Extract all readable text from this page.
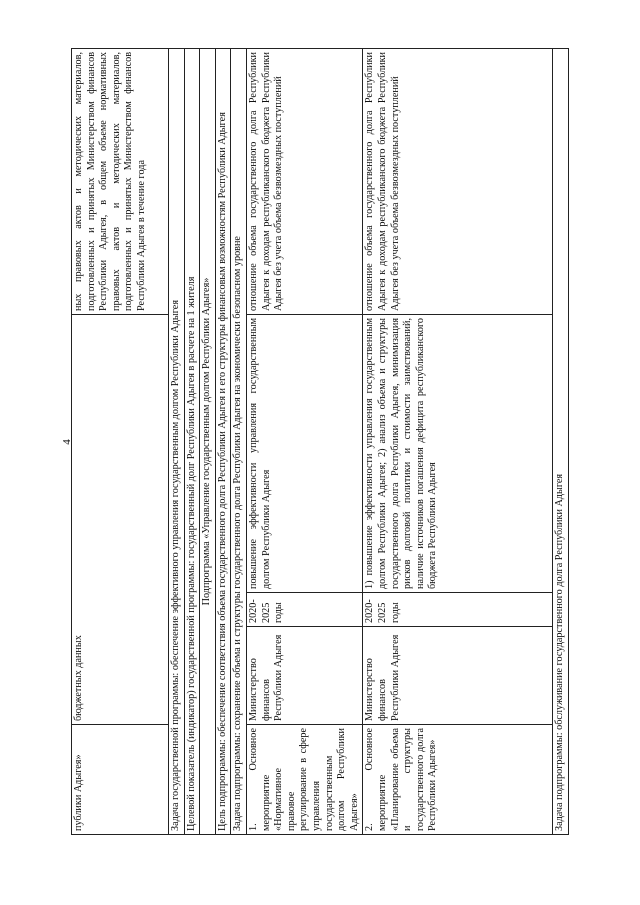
4
публики Адыгея»	бюджетных данных			ных правовых актов и методических материалов, подготовленных и принятых Министерством финансов Республики Адыгея, в общем объеме нормативных правовых актов и методических материалов, подготовленных и принятых Министерством финансов Республики Адыгея в течение года
Задача государственной программы: обеспечение эффективного управления государственным долгом Республики Адыгея				
Целевой показатель (индикатор) государственной программы: государственный долг Республики Адыгея в расчете на 1 жителя				
Подпрограмма «Управление государственным долгом Республики Адыгея»				
Цель подпрограммы: обеспечение соответствия объема государственного долга Республики Адыгея и его структуры финансовым возможностям Республики Адыгея				
Задача подпрограммы: сохранение объема и структуры государственного долга Республики Адыгея на экономически безопасном уровне				
1. Основное мероприятие «Нормативное правовое регулирование в сфере управления государственным долгом Республики Адыгея»	Министерство финансов Республики Адыгея	2020-2025 годы	повышение эффективности управления государственным долгом Республики Адыгея	отношение объема государственного долга Республики Адыгея к доходам республиканского бюджета Республики Адыгея без учета объема безвозмездных поступлений
2. Основное мероприятие «Планирование объема и структуры государственного долга Республики Адыгея»	Министерство финансов Республики Адыгея	2020-2025 годы	1) повышение эффективности управления государственным долгом Республики Адыгея; 2) анализ объема и структуры государственного долга Республики Адыгея, минимизация рисков долговой политики и стоимости заимствований, наличие источников погашения дефицита республиканского бюджета Республики Адыгея	отношение объема государственного долга Республики Адыгея к доходам республиканского бюджета Республики Адыгея без учета объема безвозмездных поступлений
Задача подпрограммы: обслуживание государственного долга Республики Адыгея				
